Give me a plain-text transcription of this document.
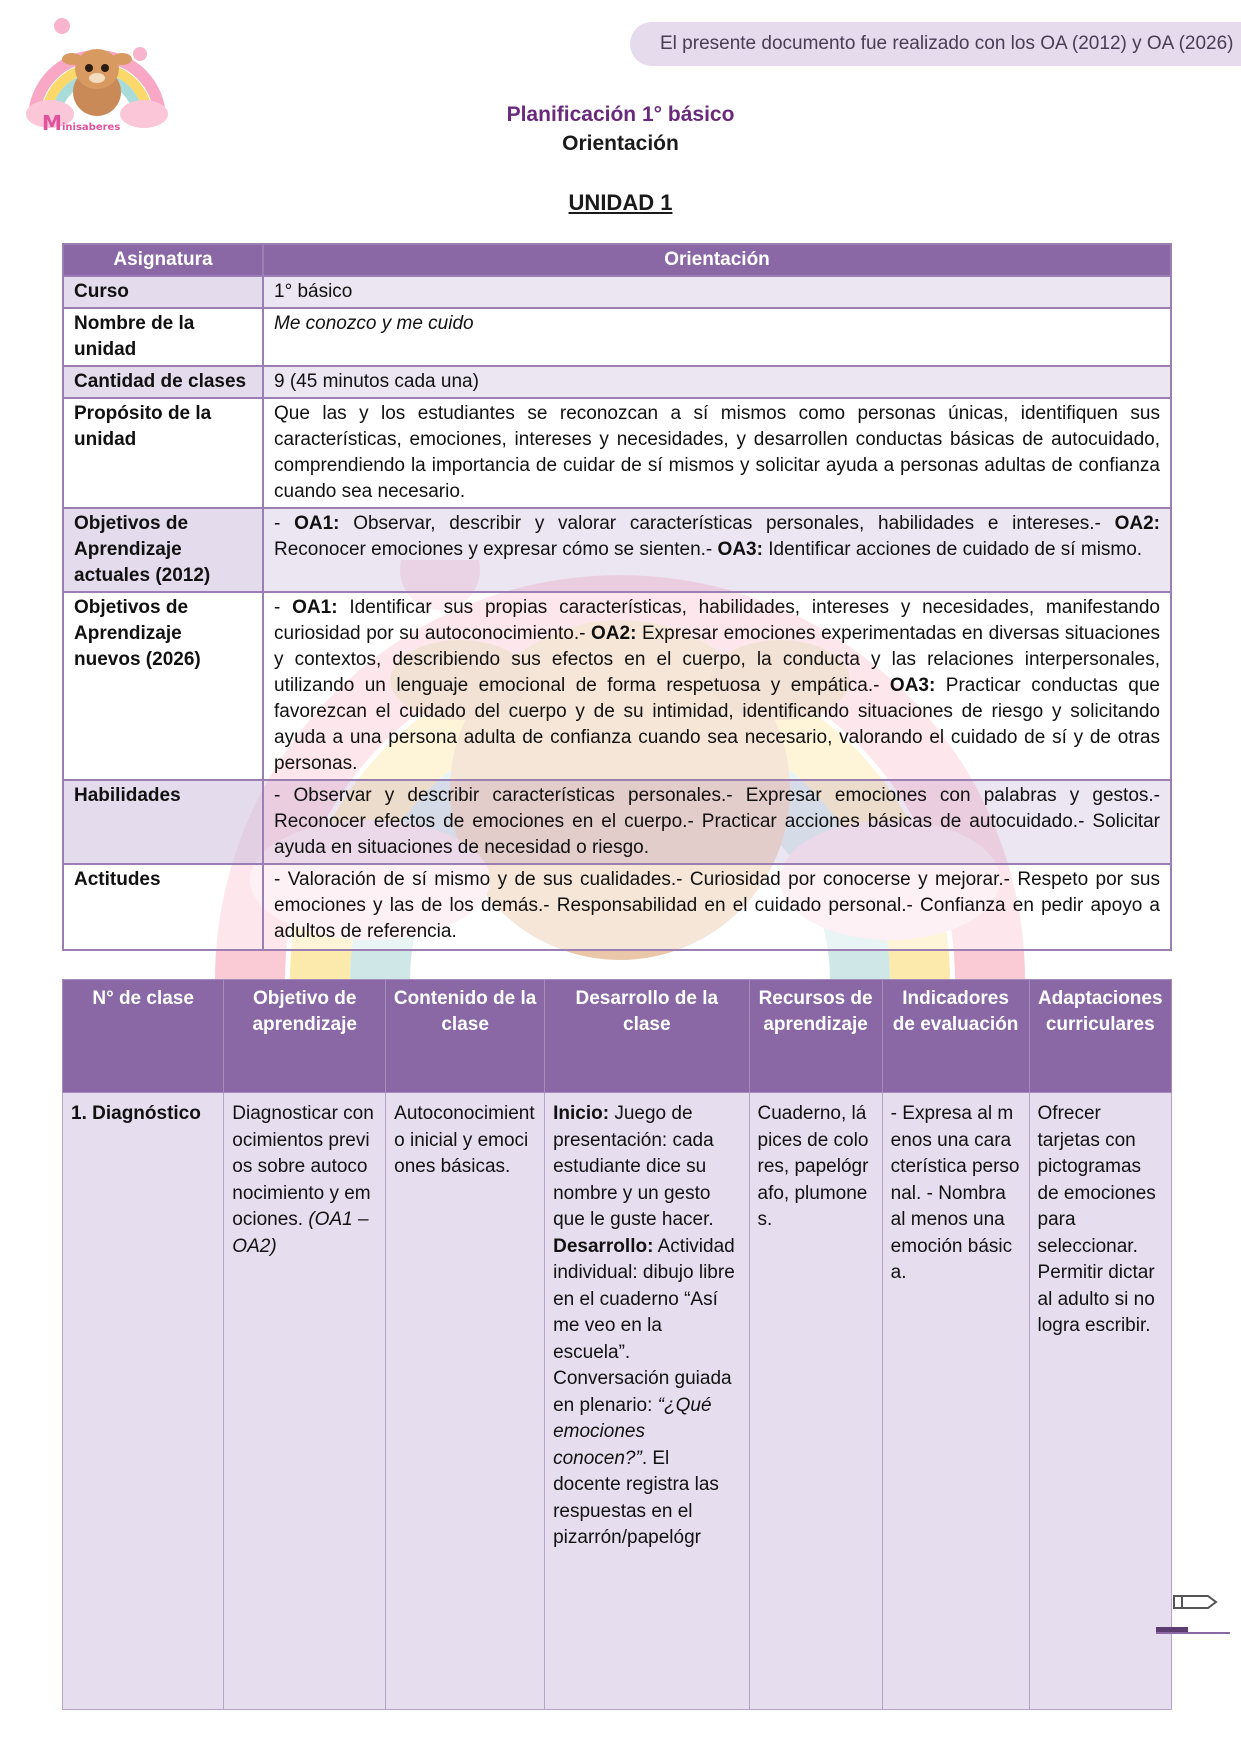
El presente documento fue realizado con los OA (2012) y OA (2026)
M inisaberes
Planificación 1° básico
Orientación
UNIDAD 1
Asignatura	Orientación
Curso	1° básico
Nombre de la unidad	Me conozco y me cuido
Cantidad de clases	9 (45 minutos cada una)
Propósito de la unidad	Que las y los estudiantes se reconozcan a sí mismos como personas únicas, identifiquen sus características, emociones, intereses y necesidades, y desarrollen conductas básicas de autocuidado, comprendiendo la importancia de cuidar de sí mismos y solicitar ayuda a personas adultas de confianza cuando sea necesario.
Objetivos de Aprendizaje actuales (2012)	- OA1: Observar, describir y valorar características personales, habilidades e intereses.- OA2: Reconocer emociones y expresar cómo se sienten.- OA3: Identificar acciones de cuidado de sí mismo.
Objetivos de Aprendizaje nuevos (2026)	- OA1: Identificar sus propias características, habilidades, intereses y necesidades, manifestando curiosidad por su autoconocimiento.- OA2: Expresar emociones experimentadas en diversas situaciones y contextos, describiendo sus efectos en el cuerpo, la conducta y las relaciones interpersonales, utilizando un lenguaje emocional de forma respetuosa y empática.- OA3: Practicar conductas que favorezcan el cuidado del cuerpo y de su intimidad, identificando situaciones de riesgo y solicitando ayuda a una persona adulta de confianza cuando sea necesario, valorando el cuidado de sí y de otras personas.
Habilidades	- Observar y describir características personales.- Expresar emociones con palabras y gestos.- Reconocer efectos de emociones en el cuerpo.- Practicar acciones básicas de autocuidado.- Solicitar ayuda en situaciones de necesidad o riesgo.
Actitudes	- Valoración de sí mismo y de sus cualidades.- Curiosidad por conocerse y mejorar.- Respeto por sus emociones y las de los demás.- Responsabilidad en el cuidado personal.- Confianza en pedir apoyo a adultos de referencia.
N° de clase	Objetivo de aprendizaje	Contenido de la clase	Desarrollo de la clase	Recursos de aprendizaje	Indicadores de evaluación	Adaptaciones curriculares
1. Diagnóstico	Diagnosticar conocimientos previos sobre autoconocimiento y emociones. (OA1 – OA2)	Autoconocimiento inicial y emociones básicas.	Inicio: Juego de presentación: cada estudiante dice su nombre y un gesto que le guste hacer. Desarrollo: Actividad individual: dibujo libre en el cuaderno “Así me veo en la escuela”. Conversación guiada en plenario: “¿Qué emociones conocen?”. El docente registra las respuestas en el pizarrón/papelógr	Cuaderno, lápices de colores, papelógrafo, plumones.	- Expresa al menos una característica personal. - Nombra al menos una emoción básica.	Ofrecer tarjetas con pictogramas de emociones para seleccionar. Permitir dictar al adulto si no logra escribir.
